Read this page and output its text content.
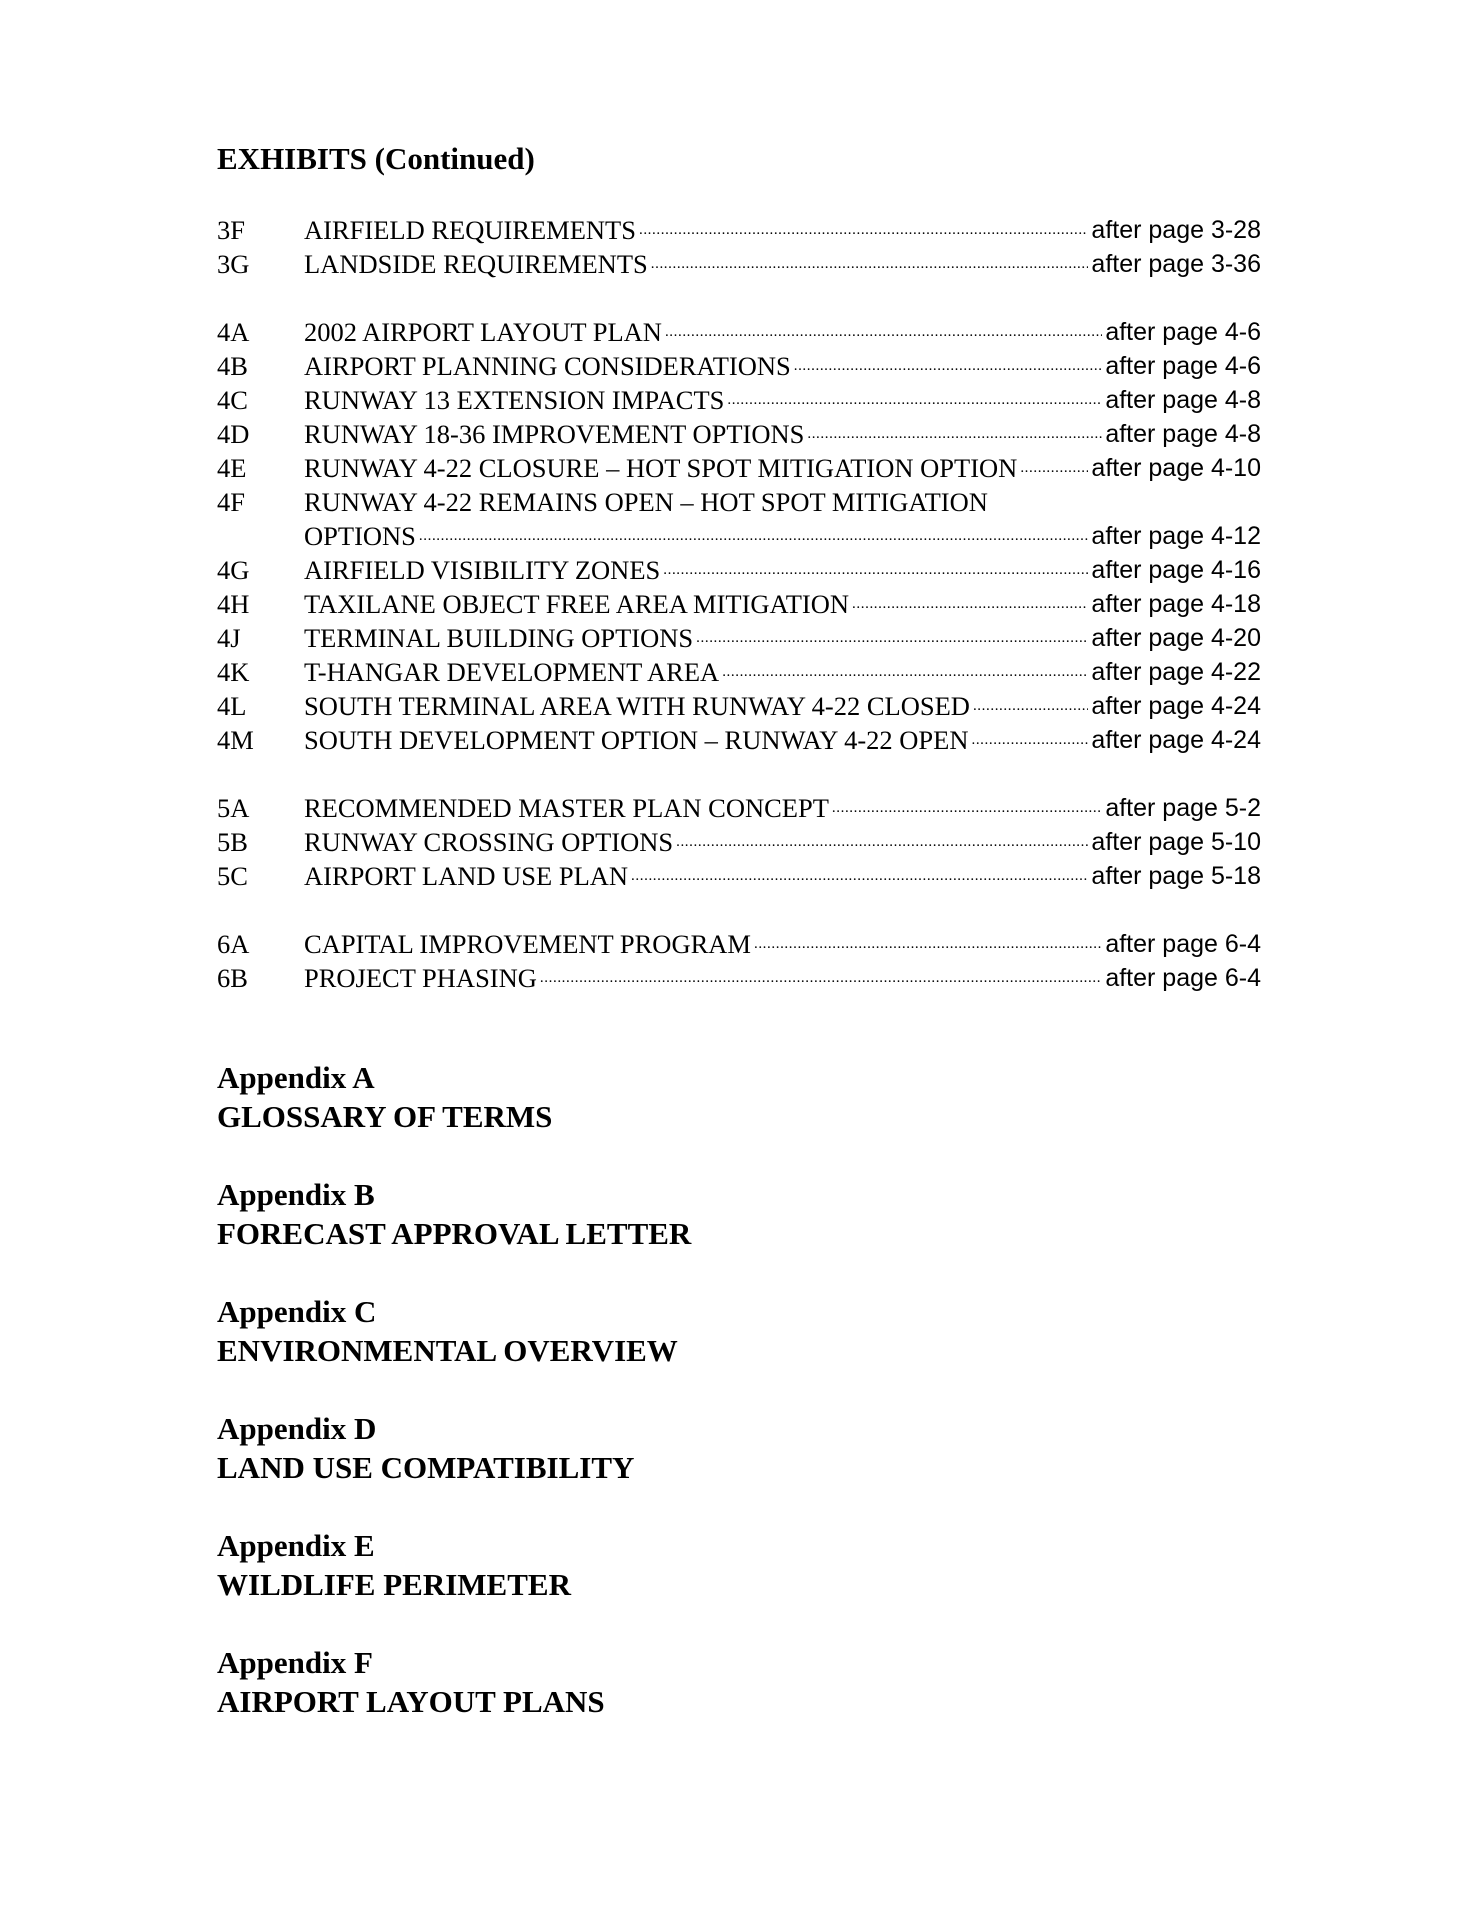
EXHIBITS (Continued)
3F	AIRFIELD REQUIREMENTS .....	after page 3-28
3G	LANDSIDE REQUIREMENTS .....	after page 3-36
4A	2002 AIRPORT LAYOUT PLAN .....	after page 4-6
4B	AIRPORT PLANNING CONSIDERATIONS .....	after page 4-6
4C	RUNWAY 13 EXTENSION IMPACTS .....	after page 4-8
4D	RUNWAY 18-36 IMPROVEMENT OPTIONS .....	after page 4-8
4E	RUNWAY 4-22 CLOSURE – HOT SPOT MITIGATION OPTION .....	after page 4-10
4F	RUNWAY 4-22 REMAINS OPEN – HOT SPOT MITIGATION
OPTIONS .....	after page 4-12
4G	AIRFIELD VISIBILITY ZONES .....	after page 4-16
4H	TAXILANE OBJECT FREE AREA MITIGATION .....	after page 4-18
4J	TERMINAL BUILDING OPTIONS .....	after page 4-20
4K	T-HANGAR DEVELOPMENT AREA .....	after page 4-22
4L	SOUTH TERMINAL AREA WITH RUNWAY 4-22 CLOSED .....	after page 4-24
4M	SOUTH DEVELOPMENT OPTION – RUNWAY 4-22 OPEN .....	after page 4-24
5A	RECOMMENDED MASTER PLAN CONCEPT .....	after page 5-2
5B	RUNWAY CROSSING OPTIONS .....	after page 5-10
5C	AIRPORT LAND USE PLAN .....	after page 5-18
6A	CAPITAL IMPROVEMENT PROGRAM .....	after page 6-4
6B	PROJECT PHASING .....	after page 6-4
Appendix A
GLOSSARY OF TERMS
Appendix B
FORECAST APPROVAL LETTER
Appendix C
ENVIRONMENTAL OVERVIEW
Appendix D
LAND USE COMPATIBILITY
Appendix E
WILDLIFE PERIMETER
Appendix F
AIRPORT LAYOUT PLANS
